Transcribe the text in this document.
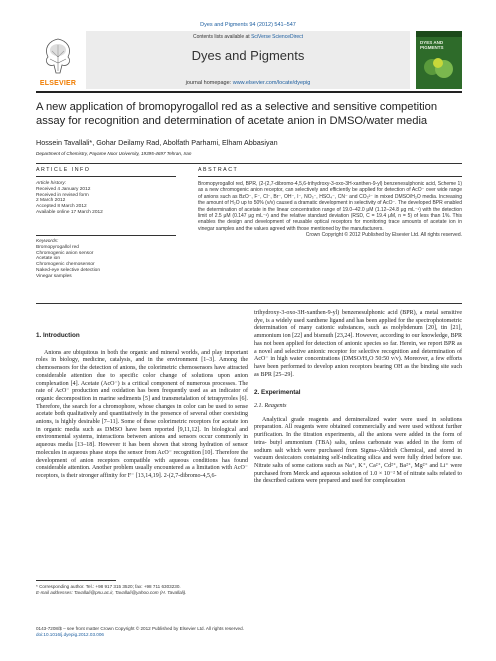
Dyes and Pigments 94 (2012) 541–547
ELSEVIER
Contents lists available at SciVerse ScienceDirect
Dyes and Pigments
journal homepage: www.elsevier.com/locate/dyepig
DYES AND PIGMENTS
A new application of bromopyrogallol red as a selective and sensitive competition assay for recognition and determination of acetate anion in DMSO/water media
Hossein Tavallali*, Gohar Deilamy Rad, Abolfath Parhami, Elham Abbasiyan
Department of Chemistry, Payame Noor University, 19395-4697 Tehran, Iran
ARTICLE INFO	ABSTRACT
Article history:
Received 4 January 2012
Received in revised form
2 March 2012
Accepted 8 March 2012
Available online 17 March 2012
Keywords:
Bromopyrogallol red
Chromogenic anion sensor
Acetate ion
Chromogenic chemosensor
Naked-eye selective detection
Vinegar samples
Bromopyrogallol red, BPR, (2-(2,7-dibromo-4,5,6-trihydroxy-3-oxo-3H-xanthen-9-yl) benzenesulphonic acid, Scheme 1) as a new chromogenic anion receptor, can selectively and efficiently be applied for detection of AcO⁻ over wide range of anions such as BzO⁻, F⁻, Cl⁻, Br⁻, OH⁻, I⁻, NO₃⁻, HSO₄⁻, CN⁻ and CO₃²⁻ in mixed DMSO/H₂O media. Increasing the amount of H₂O up to 50% (v/v) caused a dramatic development in selectivity of AcO⁻. The developed BPR enabled the determination of acetate in the linear concentration range of 19.0–42.0 μM (1.12–24.8 μg mL⁻¹) with the detection limit of 2.5 μM (0.147 μg mL⁻¹) and the relative standard deviation (RSD, C = 19.4 μM, n = 5) of less than 1%. This enables the design and development of reusable optical receptors for monitoring trace amounts of acetate ion in vinegar samples and the values agreed with those mentioned by the manufacturers.
Crown Copyright © 2012 Published by Elsevier Ltd. All rights reserved.
1. Introduction

Anions are ubiquitous in both the organic and mineral worlds, and play important roles in biology, medicine, catalysis, and in the environment [1–3]. Among the chemosensors for the detection of anions, the colorimetric chemosensors have attracted considerable attention due to specific color change of solutions upon anion complexation [4]. Acetate (AcO⁻) is a critical component of numerous processes. The rate of AcO⁻ production and oxidation has been frequently used as an indicator of organic decomposition in marine sediments [5] and transmetalation of tetrapyrroles [6]. Therefore, the search for a chromophore, whose changes in color can be used to sense acetate both qualitatively and quantitatively in the presence of several other coexisting anions, is highly desirable [7–11]. Some of these colorimetric receptors for acetate ion in organic media such as DMSO have been reported [9,11,12]. In biological and environmental systems, interactions between anions and sensors occur commonly in aqueous media [13–18]. However it has been shown that strong hydration of sensor molecules in aqueous phase stops the sensor from AcO⁻ recognition [10]. Therefore the development of anion receptors compatible with aqueous conditions has found considerable attention. Another problem usually encountered as a limitation with AcO⁻ receptors, is their stronger affinity for F⁻ [13,14,19]. 2-(2,7-dibromo-4,5,6-

trihydroxy-3-oxo-3H-xanthen-9-yl) benzenesulphonic acid (BPR), a metal sensitive dye, is a widely used xanthene ligand and has been applied for the spectrophotometric determination of many cationic substances, such as molybdenum [20], tin [21], ammonium ion [22] and bismuth [23,24]. However, according to our knowledge, BPR has not been applied for detection of anionic species so far. Herein, we report BPR as a novel and selective anionic receptor for selective recognition and determination of AcO⁻ in high water concentrations (DMSO/H₂O 50:50 v/v). Moreover, a few efforts have been performed to develop anion receptors bearing OH as the binding site such as BPR [25–29].

2. Experimental
2.1. Reagents

Analytical grade reagents and demineralized water were used in solutions preparation. All reagents were obtained commercially and were used without further purification. In the titration experiments, all the anions were added in the form of tetra- butyl ammonium (TBA) salts, unless carbonate was added in the form of sodium salt which were purchased from Sigma–Aldrich Chemical, and stored in vacuum desiccators containing self-indicating silica and were fully dried before use. Nitrate salts of some cations such as Na⁺, K⁺, Ca²⁺, Cd²⁺, Ba²⁺, Mg²⁺ and Li⁺ were purchased from Merck and aqueous solution of 1.0 × 10⁻² M of nitrate salts related to the described cations were prepared and used for complexation

* Corresponding author. Tel.: +98 917 315 3520; fax: +98 711 6303230.
E-mail addresses: Tavallali@pnu.ac.ir, Tavallali@yahoo.com (H. Tavallali).
0143-7208/$ – see front matter Crown Copyright © 2012 Published by Elsevier Ltd. All rights reserved.
doi:10.1016/j.dyepig.2012.03.006
